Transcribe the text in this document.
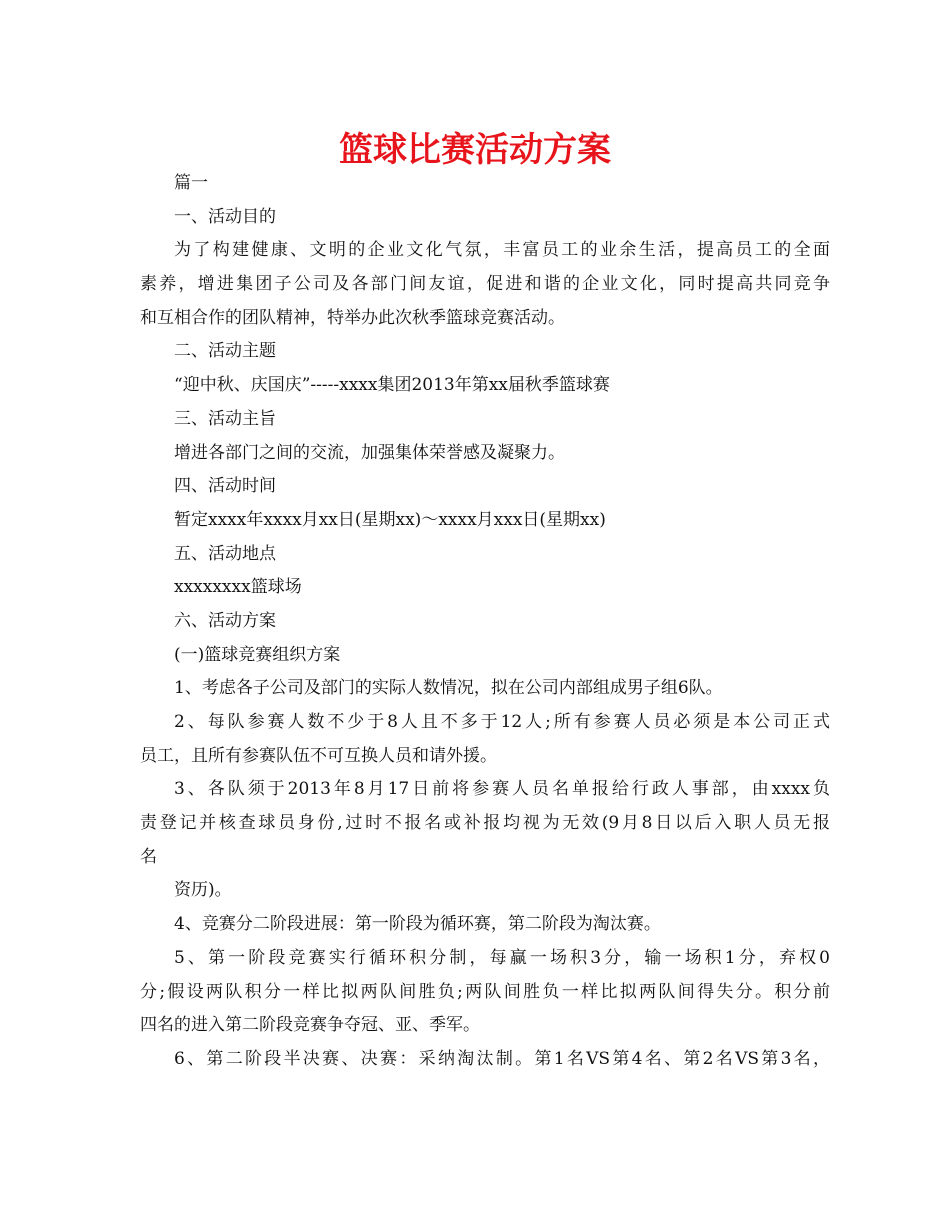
篮球比赛活动方案
篇一
一、活动目的
为了构建健康、文明的企业文化气氛，丰富员工的业余生活，提高员工的全面
素养，增进集团子公司及各部门间友谊，促进和谐的企业文化，同时提高共同竞争
和互相合作的团队精神，特举办此次秋季篮球竞赛活动。
二、活动主题
“迎中秋、庆国庆”-----xxxx集团2013年第xx届秋季篮球赛
三、活动主旨
增进各部门之间的交流，加强集体荣誉感及凝聚力。
四、活动时间
暂定xxxx年xxxx月xx日(星期xx)～xxxx月xxx日(星期xx)
五、活动地点
xxxxxxxx篮球场
六、活动方案
(一)篮球竞赛组织方案
1、考虑各子公司及部门的实际人数情况，拟在公司内部组成男子组6队。
2、每队参赛人数不少于8人且不多于12人;所有参赛人员必须是本公司正式
员工，且所有参赛队伍不可互换人员和请外援。
3、各队须于2013年8月17日前将参赛人员名单报给行政人事部，由xxxx负
责登记并核查球员身份,过时不报名或补报均视为无效(9月8日以后入职人员无报
名
资历)。
4、竞赛分二阶段进展：第一阶段为循环赛，第二阶段为淘汰赛。
5、第一阶段竞赛实行循环积分制，每赢一场积3分，输一场积1分，弃权0
分;假设两队积分一样比拟两队间胜负;两队间胜负一样比拟两队间得失分。积分前
四名的进入第二阶段竞赛争夺冠、亚、季军。
6、第二阶段半决赛、决赛：采纳淘汰制。第1名VS第4名、第2名VS第3名，
